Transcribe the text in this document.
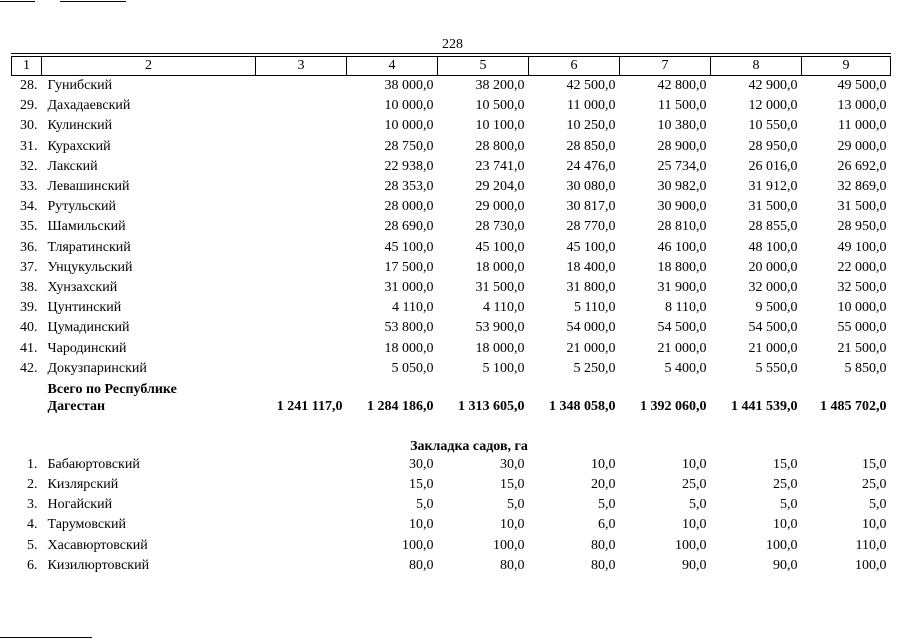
228
1	2	3	4	5	6	7	8	9
28.	Гунибский		38 000,0	38 200,0	42 500,0	42 800,0	42 900,0	49 500,0
29.	Дахадаевский		10 000,0	10 500,0	11 000,0	11 500,0	12 000,0	13 000,0
30.	Кулинский		10 000,0	10 100,0	10 250,0	10 380,0	10 550,0	11 000,0
31.	Курахский		28 750,0	28 800,0	28 850,0	28 900,0	28 950,0	29 000,0
32.	Лакский		22 938,0	23 741,0	24 476,0	25 734,0	26 016,0	26 692,0
33.	Левашинский		28 353,0	29 204,0	30 080,0	30 982,0	31 912,0	32 869,0
34.	Рутульский		28 000,0	29 000,0	30 817,0	30 900,0	31 500,0	31 500,0
35.	Шамильский		28 690,0	28 730,0	28 770,0	28 810,0	28 855,0	28 950,0
36.	Тляратинский		45 100,0	45 100,0	45 100,0	46 100,0	48 100,0	49 100,0
37.	Унцукульский		17 500,0	18 000,0	18 400,0	18 800,0	20 000,0	22 000,0
38.	Хунзахский		31 000,0	31 500,0	31 800,0	31 900,0	32 000,0	32 500,0
39.	Цунтинский		4 110,0	4 110,0	5 110,0	8 110,0	9 500,0	10 000,0
40.	Цумадинский		53 800,0	53 900,0	54 000,0	54 500,0	54 500,0	55 000,0
41.	Чародинский		18 000,0	18 000,0	21 000,0	21 000,0	21 000,0	21 500,0
42.	Докузпаринский		5 050,0	5 100,0	5 250,0	5 400,0	5 550,0	5 850,0

	Всего по Республике
Дагестан	1 241 117,0	1 284 186,0	1 313 605,0	1 348 058,0	1 392 060,0	1 441 539,0	1 485 702,0
Закладка садов, га								
1.	Бабаюртовский		30,0	30,0	10,0	10,0	15,0	15,0
2.	Кизлярский		15,0	15,0	20,0	25,0	25,0	25,0
3.	Ногайский		5,0	5,0	5,0	5,0	5,0	5,0
4.	Тарумовский		10,0	10,0	6,0	10,0	10,0	10,0
5.	Хасавюртовский		100,0	100,0	80,0	100,0	100,0	110,0
6.	Кизилюртовский		80,0	80,0	80,0	90,0	90,0	100,0
